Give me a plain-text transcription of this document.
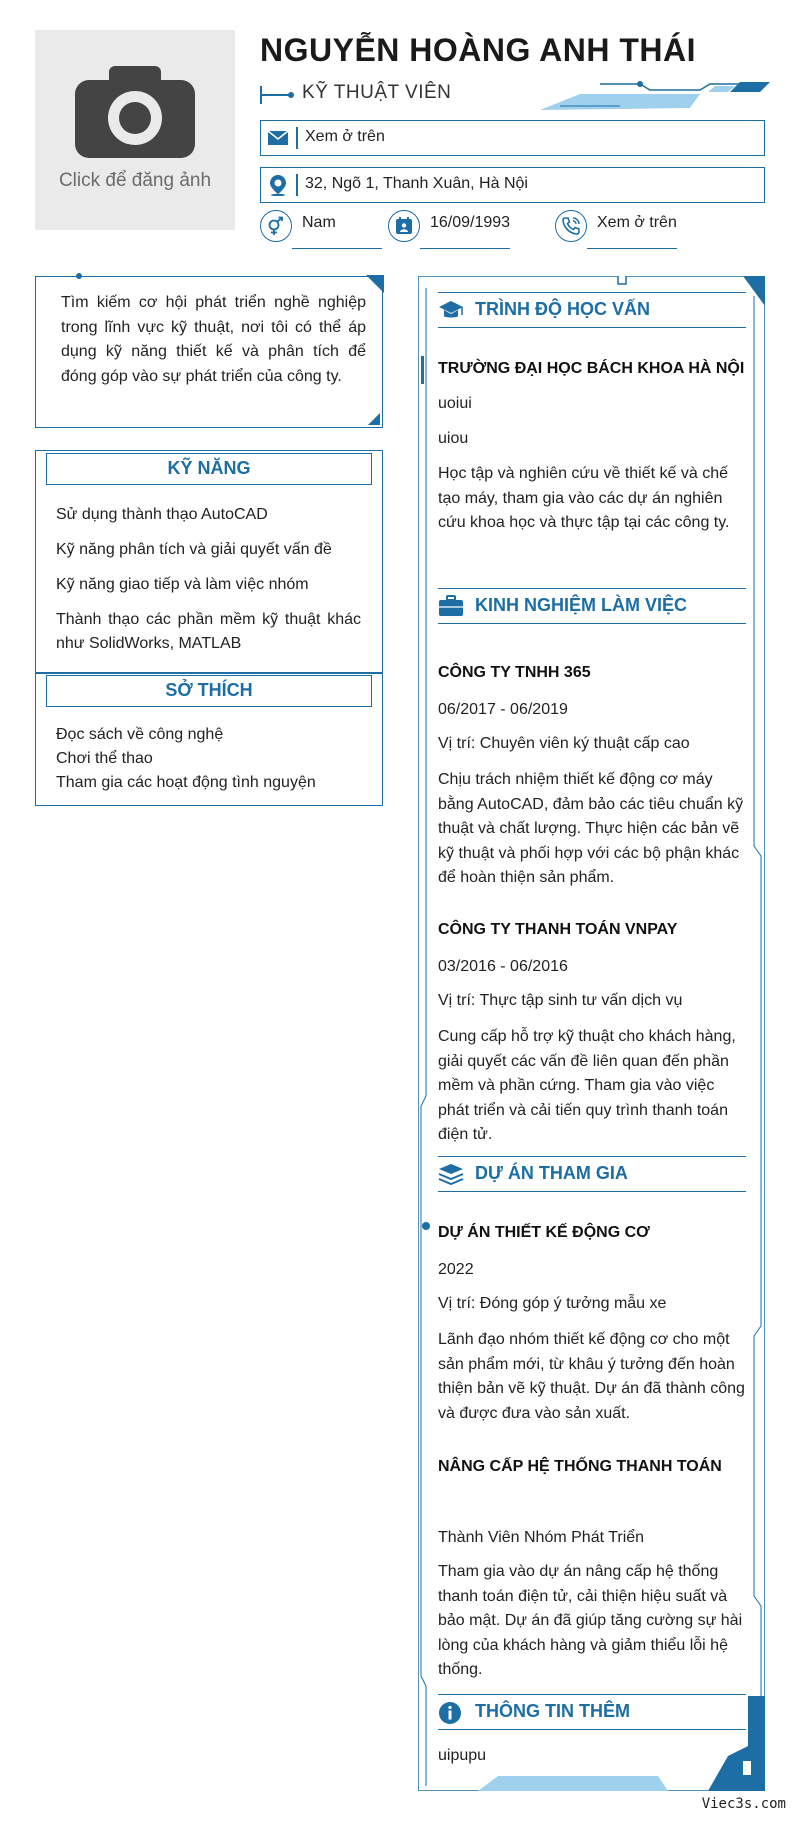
Click để đăng ảnh
NGUYỄN HOÀNG ANH THÁI
KỸ THUẬT VIÊN
Xem ở trên
32, Ngõ 1, Thanh Xuân, Hà Nội
Nam	16/09/1993	Xem ở trên
Tìm kiếm cơ hội phát triển nghề nghiệp trong lĩnh vực kỹ thuật, nơi tôi có thể áp dụng kỹ năng thiết kế và phân tích để đóng góp vào sự phát triển của công ty.
KỸ NĂNG
Sử dụng thành thạo AutoCAD
Kỹ năng phân tích và giải quyết vấn đề
Kỹ năng giao tiếp và làm việc nhóm
Thành thạo các phần mềm kỹ thuật khác như SolidWorks, MATLAB
SỞ THÍCH
Đọc sách về công nghệ
Chơi thể thao
Tham gia các hoạt động tình nguyện
TRÌNH ĐỘ HỌC VẤN
TRƯỜNG ĐẠI HỌC BÁCH KHOA HÀ NỘI
uoiui
uiou
Học tập và nghiên cứu về thiết kế và chế tạo máy, tham gia vào các dự án nghiên cứu khoa học và thực tập tại các công ty.
KINH NGHIỆM LÀM VIỆC
CÔNG TY TNHH 365
06/2017 - 06/2019
Vị trí: Chuyên viên ký thuật cấp cao
Chịu trách nhiệm thiết kế động cơ máy bằng AutoCAD, đảm bảo các tiêu chuẩn kỹ thuật và chất lượng. Thực hiện các bản vẽ kỹ thuật và phối hợp với các bộ phận khác để hoàn thiện sản phẩm.
CÔNG TY THANH TOÁN VNPAY
03/2016 - 06/2016
Vị trí: Thực tập sinh tư vấn dịch vụ
Cung cấp hỗ trợ kỹ thuật cho khách hàng, giải quyết các vấn đề liên quan đến phần mềm và phần cứng. Tham gia vào việc phát triển và cải tiến quy trình thanh toán điện tử.
DỰ ÁN THAM GIA
DỰ ÁN THIẾT KẾ ĐỘNG CƠ
2022
Vị trí: Đóng góp ý tưởng mẫu xe
Lãnh đạo nhóm thiết kế động cơ cho một sản phẩm mới, từ khâu ý tưởng đến hoàn thiện bản vẽ kỹ thuật. Dự án đã thành công và được đưa vào sản xuất.
NÂNG CẤP HỆ THỐNG THANH TOÁN
Thành Viên Nhóm Phát Triển
Tham gia vào dự án nâng cấp hệ thống thanh toán điện tử, cải thiện hiệu suất và bảo mật. Dự án đã giúp tăng cường sự hài lòng của khách hàng và giảm thiểu lỗi hệ thống.
THÔNG TIN THÊM
uipupu
Viec3s.com
